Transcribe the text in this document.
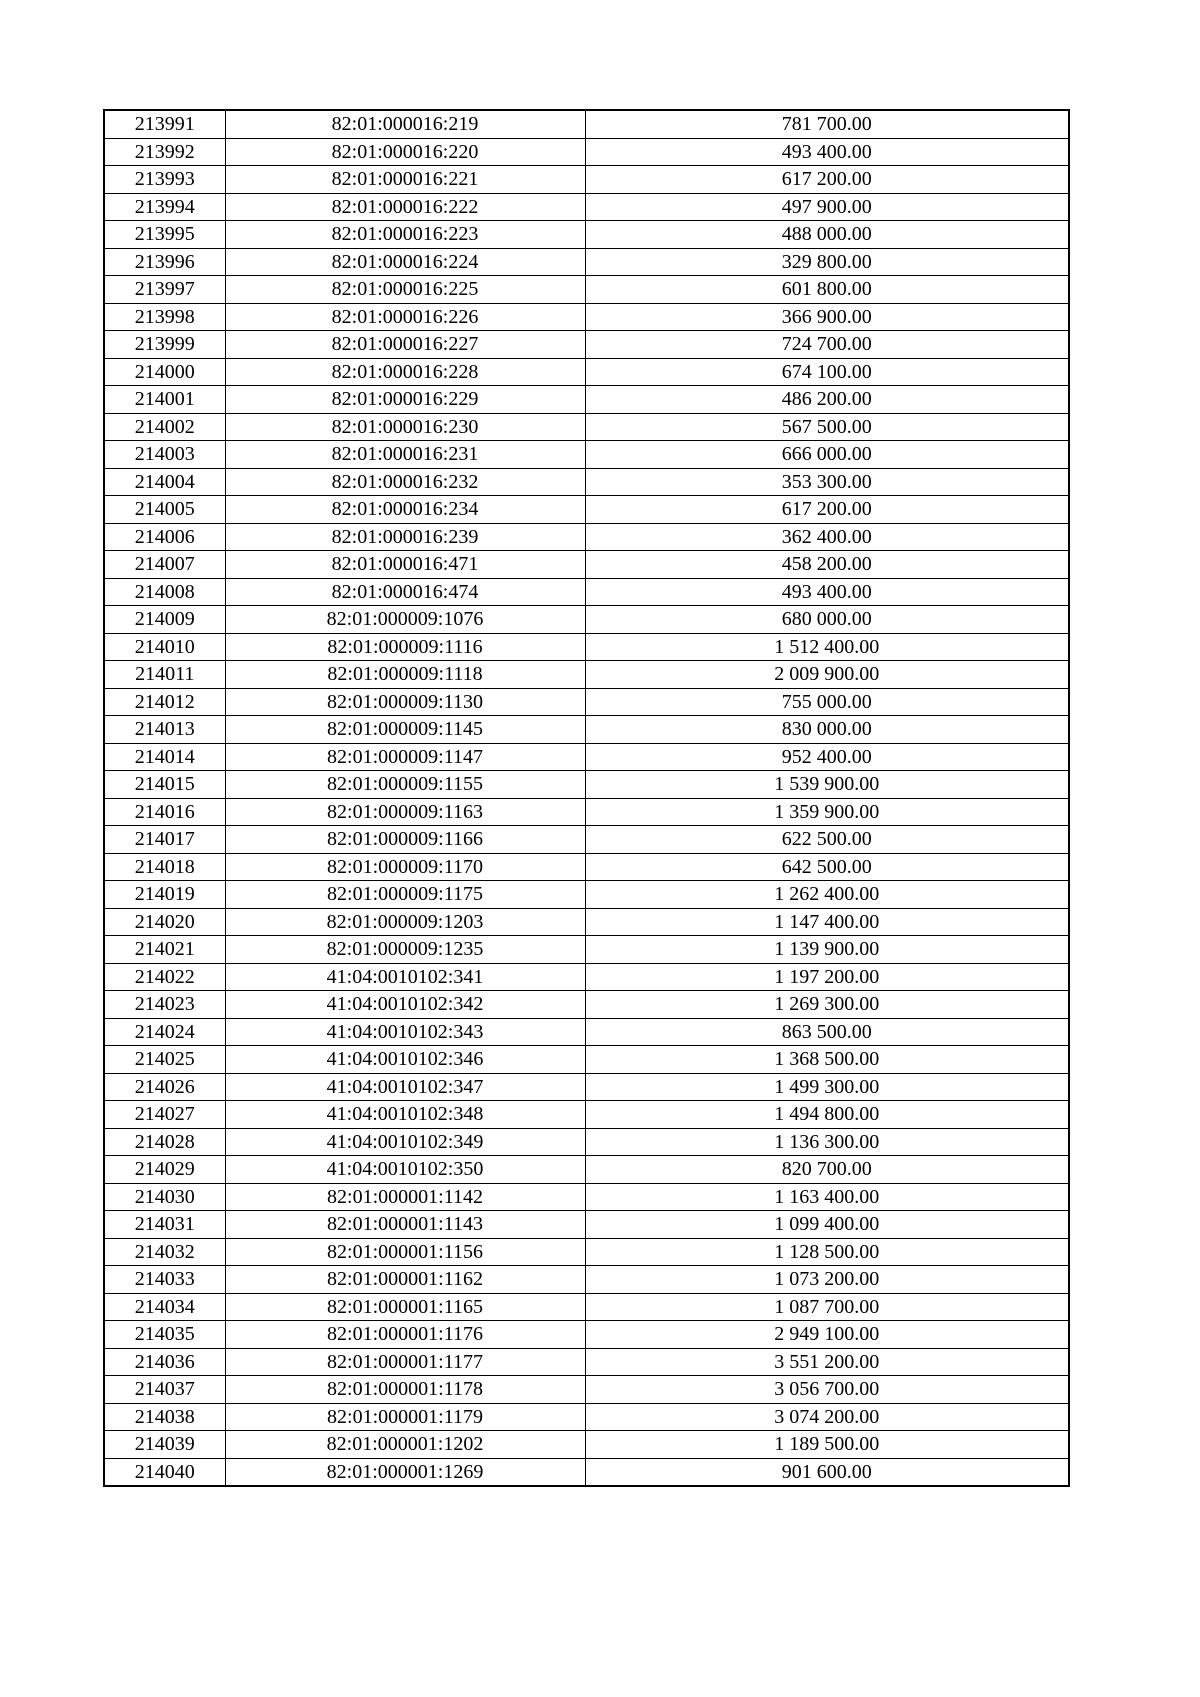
213991	82:01:000016:219	781 700.00
213992	82:01:000016:220	493 400.00
213993	82:01:000016:221	617 200.00
213994	82:01:000016:222	497 900.00
213995	82:01:000016:223	488 000.00
213996	82:01:000016:224	329 800.00
213997	82:01:000016:225	601 800.00
213998	82:01:000016:226	366 900.00
213999	82:01:000016:227	724 700.00
214000	82:01:000016:228	674 100.00
214001	82:01:000016:229	486 200.00
214002	82:01:000016:230	567 500.00
214003	82:01:000016:231	666 000.00
214004	82:01:000016:232	353 300.00
214005	82:01:000016:234	617 200.00
214006	82:01:000016:239	362 400.00
214007	82:01:000016:471	458 200.00
214008	82:01:000016:474	493 400.00
214009	82:01:000009:1076	680 000.00
214010	82:01:000009:1116	1 512 400.00
214011	82:01:000009:1118	2 009 900.00
214012	82:01:000009:1130	755 000.00
214013	82:01:000009:1145	830 000.00
214014	82:01:000009:1147	952 400.00
214015	82:01:000009:1155	1 539 900.00
214016	82:01:000009:1163	1 359 900.00
214017	82:01:000009:1166	622 500.00
214018	82:01:000009:1170	642 500.00
214019	82:01:000009:1175	1 262 400.00
214020	82:01:000009:1203	1 147 400.00
214021	82:01:000009:1235	1 139 900.00
214022	41:04:0010102:341	1 197 200.00
214023	41:04:0010102:342	1 269 300.00
214024	41:04:0010102:343	863 500.00
214025	41:04:0010102:346	1 368 500.00
214026	41:04:0010102:347	1 499 300.00
214027	41:04:0010102:348	1 494 800.00
214028	41:04:0010102:349	1 136 300.00
214029	41:04:0010102:350	820 700.00
214030	82:01:000001:1142	1 163 400.00
214031	82:01:000001:1143	1 099 400.00
214032	82:01:000001:1156	1 128 500.00
214033	82:01:000001:1162	1 073 200.00
214034	82:01:000001:1165	1 087 700.00
214035	82:01:000001:1176	2 949 100.00
214036	82:01:000001:1177	3 551 200.00
214037	82:01:000001:1178	3 056 700.00
214038	82:01:000001:1179	3 074 200.00
214039	82:01:000001:1202	1 189 500.00
214040	82:01:000001:1269	901 600.00
